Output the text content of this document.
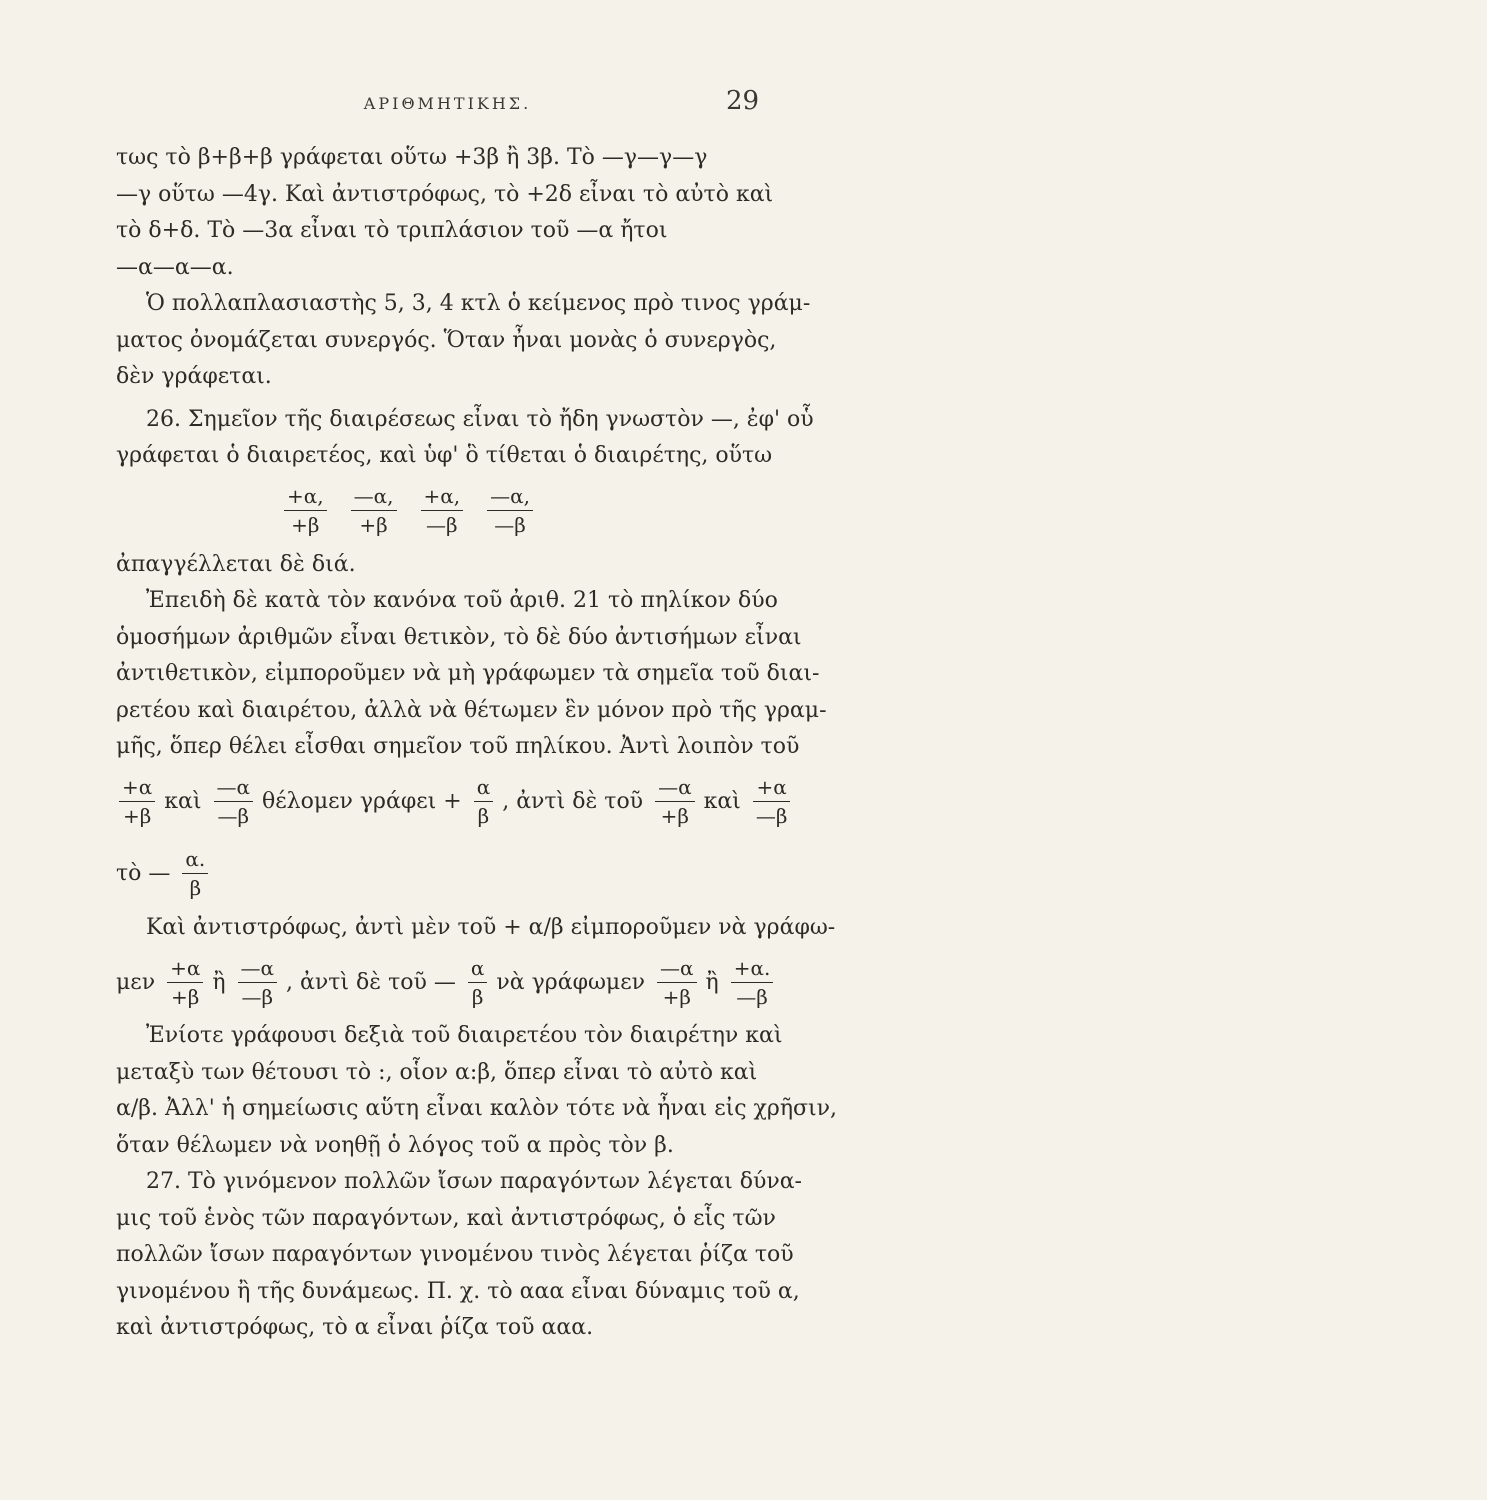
ΑΡΙΘΜΗΤΙΚΗΣ.	29
τως τὸ β+β+β γράφεται οὕτω +3β ἢ 3β. Τὸ —γ—γ—γ
—γ οὕτω —4γ. Καὶ ἀντιστρόφως, τὸ +2δ εἶναι τὸ αὐτὸ καὶ
τὸ δ+δ. Τὸ —3α εἶναι τὸ τριπλάσιον τοῦ —α ἤτοι
—α—α—α.
Ὁ πολλαπλασιαστὴς 5, 3, 4 κτλ ὁ κείμενος πρὸ τινος γράμ-
ματος ὀνομάζεται συνεργός. Ὅταν ἦναι μονὰς ὁ συνεργὸς,
δὲν γράφεται.
26. Σημεῖον τῆς διαιρέσεως εἶναι τὸ ἤδη γνωστὸν —, ἐφ' οὗ
γράφεται ὁ διαιρετέος, καὶ ὑφ' ὃ τίθεται ὁ διαιρέτης, οὕτω
$\frac{+\alpha,}{+\beta} \frac{—\alpha,}{+\beta} \frac{+\alpha,}{—\beta} \frac{—\alpha,}{—\beta}$
ἀπαγγέλλεται δὲ διά.
Ἐπειδὴ δὲ κατὰ τὸν κανόνα τοῦ ἀριθ. 21 τὸ πηλίκον δύο
ὁμοσήμων ἀριθμῶν εἶναι θετικὸν, τὸ δὲ δύο ἀντισήμων εἶναι
ἀντιθετικὸν, εἰμποροῦμεν νὰ μὴ γράφωμεν τὰ σημεῖα τοῦ διαι-
ρετέου καὶ διαιρέτου, ἀλλὰ νὰ θέτωμεν ἓν μόνον πρὸ τῆς γραμ-
μῆς, ὅπερ θέλει εἶσθαι σημεῖον τοῦ πηλίκου. Ἀντὶ λοιπὸν τοῦ
$\frac{+\alpha}{+\beta}$ καὶ $\frac{—\alpha}{—\beta}$ θέλομεν $\gamma\rho ά\varphi\varepsilon\iota + \frac{\alpha}{\beta}$ , ἀντὶ δὲ τοῦ $\frac{—\alpha}{+\beta}$ καὶ $\frac{+\alpha}{—\beta}$
τὸ — $\frac{\alpha.}{\beta}$
Καὶ ἀντιστρόφως, ἀντὶ μὲν τοῦ + α/β εἰμποροῦμεν νὰ γράφω-
μεν $\frac{+\alpha}{+\beta}$ ἢ $\frac{—\alpha}{—\beta}$ , ἀντὶ δὲ τοῦ — $\frac{\alpha}{\beta}$ νὰ γράφωμεν $\frac{—\alpha}{+\beta}$ ἢ $\frac{+\alpha.}{—\beta}$
Ἐνίοτε γράφουσι δεξιὰ τοῦ διαιρετέου τὸν διαιρέτην καὶ
μεταξὺ των θέτουσι τὸ :, οἷον α:β, ὅπερ εἶναι τὸ αὐτὸ καὶ
α/β. Ἀλλ' ἡ σημείωσις αὕτη εἶναι καλὸν τότε νὰ ἦναι εἰς χρῆσιν,
ὅταν θέλωμεν νὰ νοηθῇ ὁ λόγος τοῦ α πρὸς τὸν β.
27. Τὸ γινόμενον πολλῶν ἴσων παραγόντων λέγεται δύνα-
μις τοῦ ἑνὸς τῶν παραγόντων, καὶ ἀντιστρόφως, ὁ εἷς τῶν
πολλῶν ἴσων παραγόντων γινομένου τινὸς λέγεται ῥίζα τοῦ
γινομένου ἢ τῆς δυνάμεως. Π. χ. τὸ ααα εἶναι δύναμις τοῦ α,
καὶ ἀντιστρόφως, τὸ α εἶναι ῥίζα τοῦ ααα.
